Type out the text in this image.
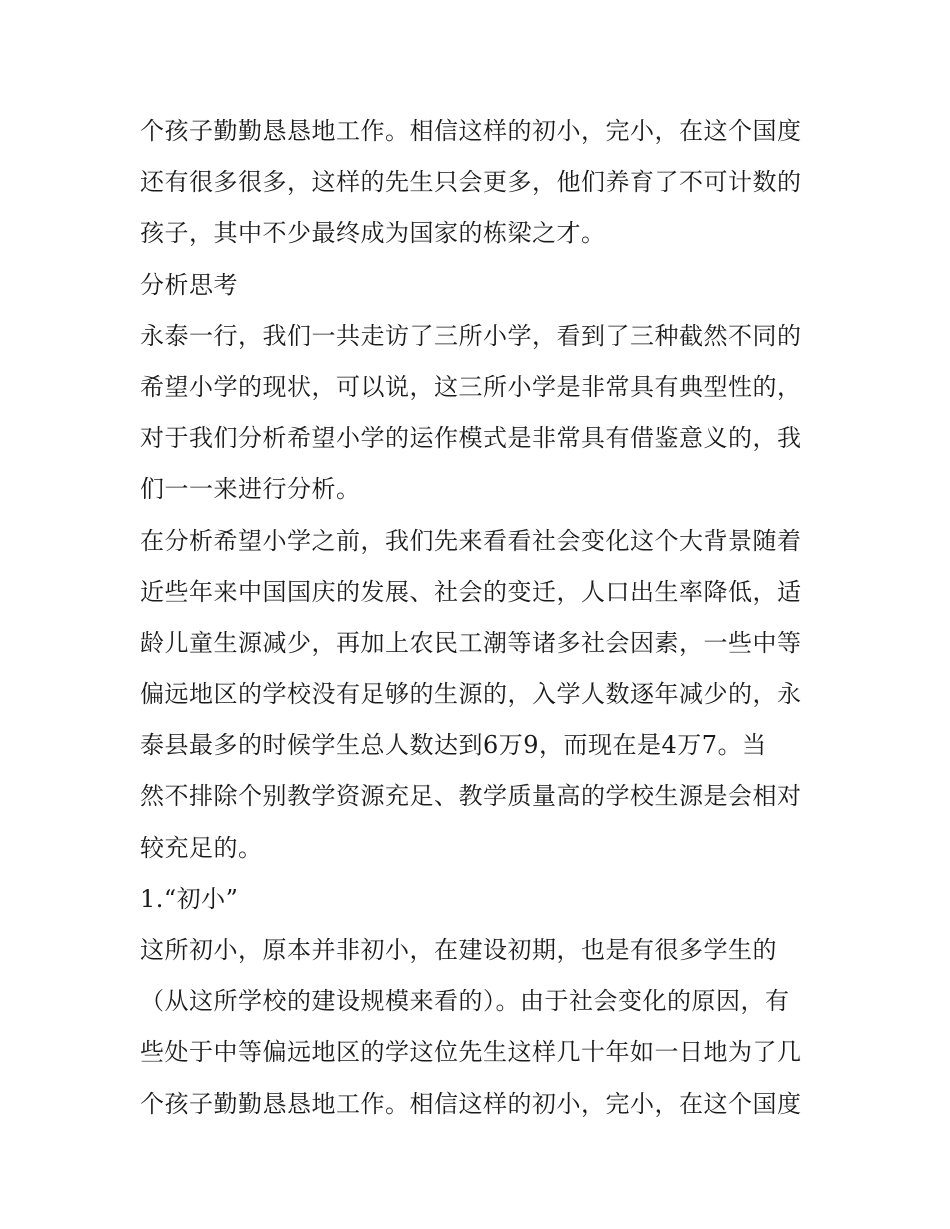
个孩子勤勤恳恳地工作。相信这样的初小，完小，在这个国度
还有很多很多，这样的先生只会更多，他们养育了不可计数的
孩子，其中不少最终成为国家的栋梁之才。
分析思考
永泰一行，我们一共走访了三所小学，看到了三种截然不同的
希望小学的现状，可以说，这三所小学是非常具有典型性的，
对于我们分析希望小学的运作模式是非常具有借鉴意义的，我
们一一来进行分析。
在分析希望小学之前，我们先来看看社会变化这个大背景随着
近些年来中国国庆的发展、社会的变迁，人口出生率降低，适
龄儿童生源减少，再加上农民工潮等诸多社会因素，一些中等
偏远地区的学校没有足够的生源的，入学人数逐年减少的，永
泰县最多的时候学生总人数达到6万9，而现在是4万7。当
然不排除个别教学资源充足、教学质量高的学校生源是会相对
较充足的。
1.“初小”
这所初小，原本并非初小，在建设初期，也是有很多学生的
（从这所学校的建设规模来看的）。由于社会变化的原因，有
些处于中等偏远地区的学这位先生这样几十年如一日地为了几
个孩子勤勤恳恳地工作。相信这样的初小，完小，在这个国度
